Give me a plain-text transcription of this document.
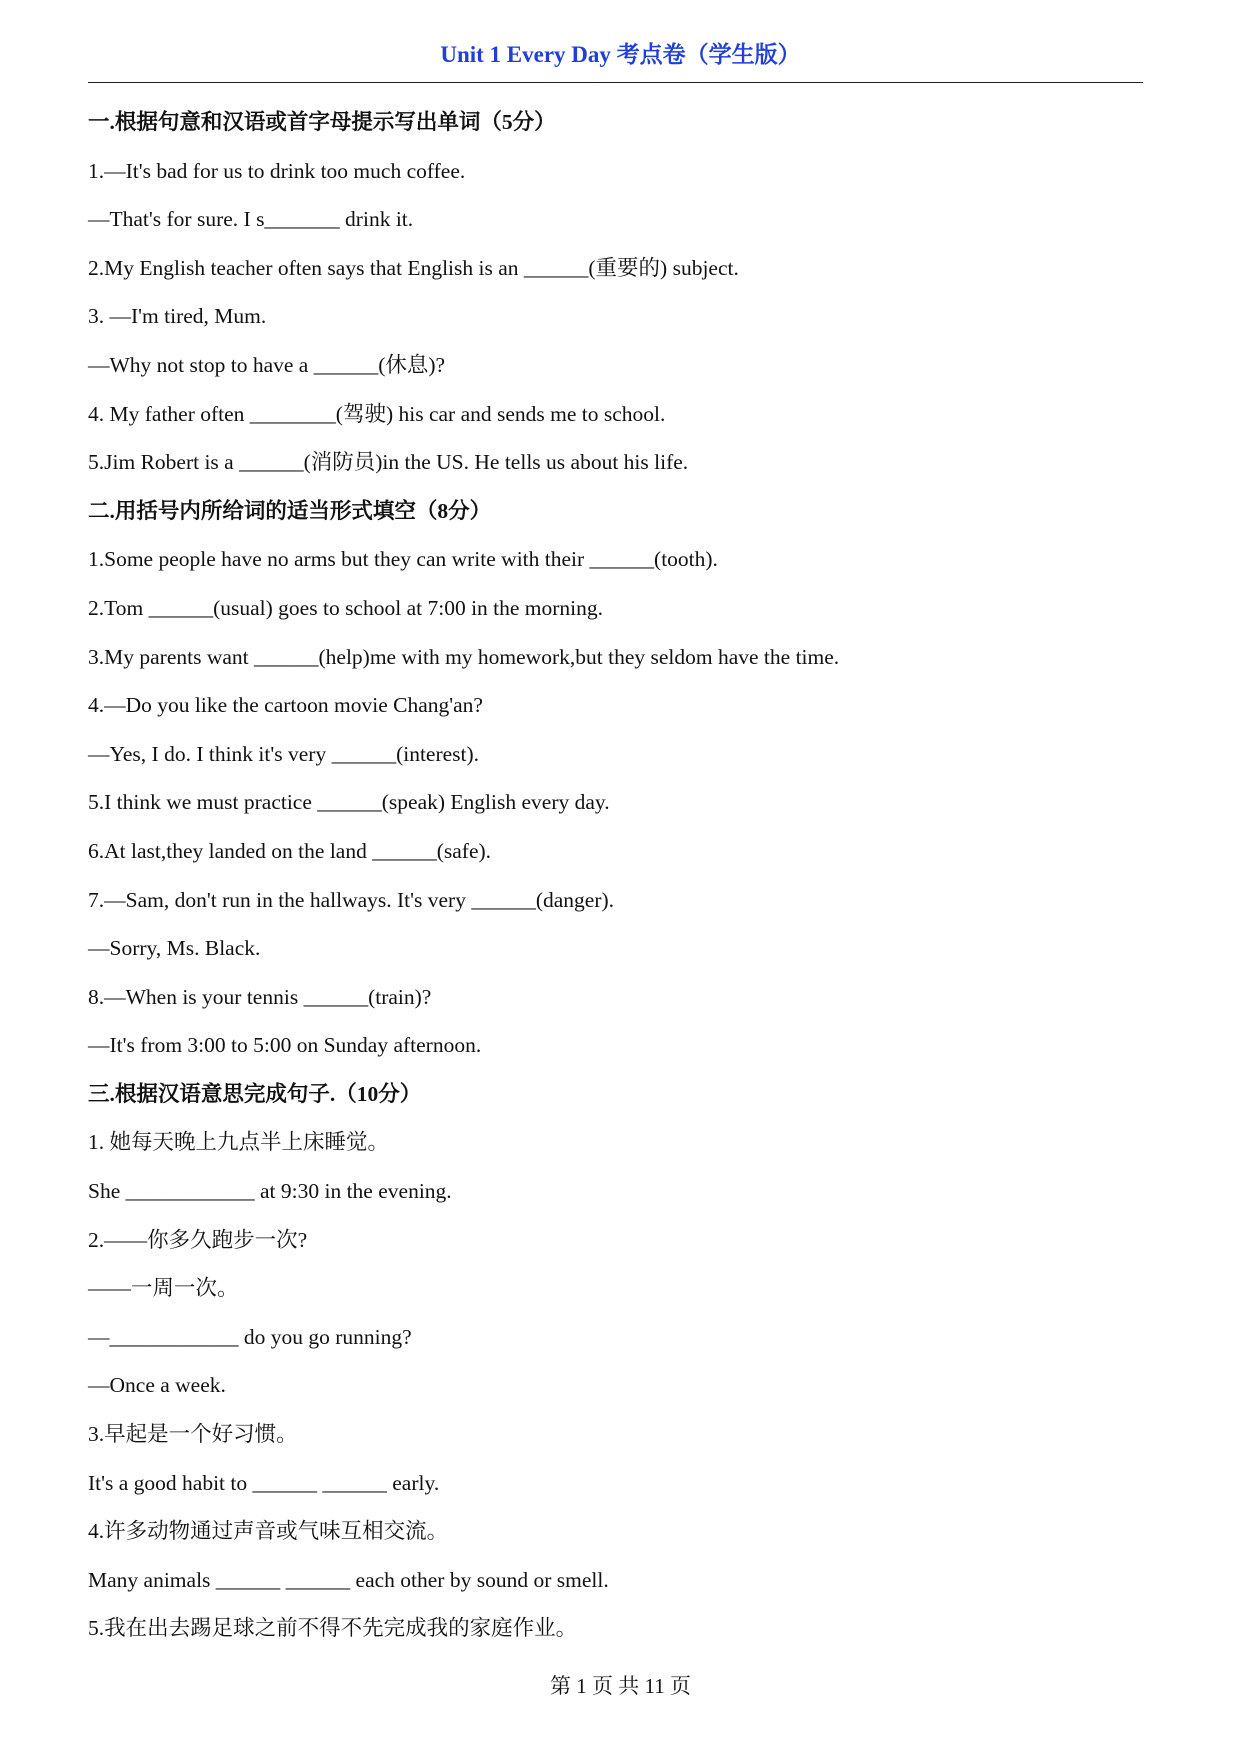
Unit 1 Every Day 考点卷（学生版）
一.根据句意和汉语或首字母提示写出单词（5分）
1.—It's bad for us to drink too much coffee.
—That's for sure. I s_______ drink it.
2.My English teacher often says that English is an ______(重要的) subject.
3. —I'm tired, Mum.
—Why not stop to have a ______(休息)?
4. My father often ________(驾驶) his car and sends me to school.
5.Jim Robert is a ______(消防员)in the US. He tells us about his life.
二.用括号内所给词的适当形式填空（8分）
1.Some people have no arms but they can write with their ______(tooth).
2.Tom ______(usual) goes to school at 7:00 in the morning.
3.My parents want ______(help)me with my homework,but they seldom have the time.
4.—Do you like the cartoon movie Chang'an?
—Yes, I do. I think it's very ______(interest).
5.I think we must practice ______(speak) English every day.
6.At last,they landed on the land ______(safe).
7.—Sam, don't run in the hallways. It's very ______(danger).
—Sorry, Ms. Black.
8.—When is your tennis ______(train)?
—It's from 3:00 to 5:00 on Sunday afternoon.
三.根据汉语意思完成句子.（10分）
1. 她每天晚上九点半上床睡觉。
She ____________ at 9:30 in the evening.
2.——你多久跑步一次?
——一周一次。
—____________ do you go running?
—Once a week.
3.早起是一个好习惯。
It's a good habit to ______ ______ early.
4.许多动物通过声音或气味互相交流。
Many animals ______ ______ each other by sound or smell.
5.我在出去踢足球之前不得不先完成我的家庭作业。
第 1 页 共 11 页
